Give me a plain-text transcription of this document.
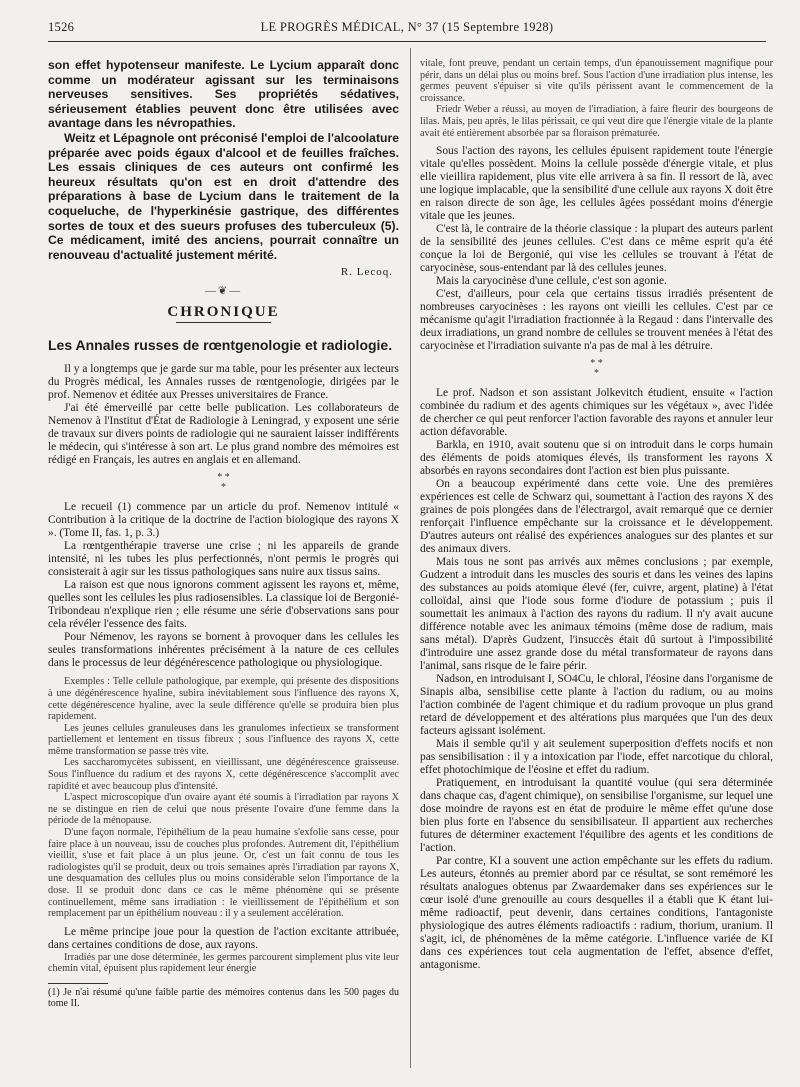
1526	LE PROGRÈS MÉDICAL, N° 37 (15 Septembre 1928)

son effet hypotenseur manifeste. Le Lycium apparaît donc comme un modérateur agissant sur les terminaisons nerveuses sensitives. Ses propriétés sédatives, sérieusement établies peuvent donc être utilisées avec avantage dans les névropathies.

Weitz et Lépagnole ont préconisé l'emploi de l'alcoolature préparée avec poids égaux d'alcool et de feuilles fraîches. Les essais cliniques de ces auteurs ont confirmé les heureux résultats qu'on est en droit d'attendre des préparations à base de Lycium dans le traitement de la coqueluche, de l'hyperkinésie gastrique, des différentes sortes de toux et des sueurs profuses des tuberculeux (5). Ce médicament, imité des anciens, pourrait connaître un renouveau d'actualité justement mérité.

R. Lecoq.
—❦—
CHRONIQUE
Les Annales russes de rœntgenologie et radiologie.

Il y a longtemps que je garde sur ma table, pour les présenter aux lecteurs du Progrès médical, les Annales russes de rœntgenologie, dirigées par le prof. Nemenov et éditée aux Presses universitaires de France.

J'ai été émerveillé par cette belle publication. Les collaborateurs de Nemenov à l'Institut d'État de Radiologie à Leningrad, y exposent une série de travaux sur divers points de radiologie qui ne sauraient laisser indifférents le médecin, qui s'intéresse à son art. Le plus grand nombre des mémoires est rédigé en Français, les autres en anglais et en allemand.

* *
*

Le recueil (1) commence par un article du prof. Nemenov intitulé « Contribution à la critique de la doctrine de l'action biologique des rayons X ». (Tome II, fas. 1, p. 3.)

La rœntgenthérapie traverse une crise ; ni les appareils de grande intensité, ni les tubes les plus perfectionnés, n'ont permis le progrès qui consisterait à agir sur les tissus pathologiques sans nuire aux tissus sains.

La raison est que nous ignorons comment agissent les rayons et, même, quelles sont les cellules les plus radiosensibles. La classique loi de Bergonié-Tribondeau n'explique rien ; elle résume une série d'observations sans pour cela révéler l'essence des faits.

Pour Némenov, les rayons se bornent à provoquer dans les cellules les seules transformations inhérentes précisément à la nature de ces cellules dans le processus de leur dégénérescence pathologique ou physiologique.

Exemples : Telle cellule pathologique, par exemple, qui présente des dispositions à une dégénérescence hyaline, subira inévitablement sous l'influence des rayons X, cette dégénérescence hyaline, avec la seule différence qu'elle se produira bien plus rapidement.

Les jeunes cellules granuleuses dans les granulomes infectieux se transforment partiellement et lentement en tissus fibreux ; sous l'influence des rayons X, cette même transformation se passe très vite.

Les saccharomycètes subissent, en vieillissant, une dégénérescence graisseuse. Sous l'influence du radium et des rayons X, cette dégénérescence s'accomplit avec rapidité et avec beaucoup plus d'intensité.

L'aspect microscopique d'un ovaire ayant été soumis à l'irradiation par rayons X ne se distingue en rien de celui que nous présente l'ovaire d'une femme dans la période de la ménopause.

D'une façon normale, l'épithélium de la peau humaine s'exfolie sans cesse, pour faire place à un nouveau, issu de couches plus profondes. Autrement dit, l'épithélium vieillit, s'use et fait place à un plus jeune. Or, c'est un fait connu de tous les radiologistes qu'il se produit, deux ou trois semaines après l'irradiation par rayons X, une desquamation des cellules plus ou moins considérable selon l'importance de la dose. Il se produit donc dans ce cas le même phénomène qui se présente continuellement, même sans irradiation : le vieillissement de l'épithélium et son remplacement par un épithélium nouveau : il y a seulement accélération.

Le même principe joue pour la question de l'action excitante attribuée, dans certaines conditions de dose, aux rayons.

Irradiés par une dose déterminée, les germes parcourent simplement plus vite leur chemin vital, épuisent plus rapidement leur énergie

(1) Je n'ai résumé qu'une faible partie des mémoires contenus dans les 500 pages du tome II.

vitale, font preuve, pendant un certain temps, d'un épanouissement magnifique pour périr, dans un délai plus ou moins bref. Sous l'action d'une irradiation plus intense, les germes peuvent s'épuiser si vite qu'ils périssent avant le commencement de la croissance.

Friedr Weber a réussi, au moyen de l'irradiation, à faire fleurir des bourgeons de lilas. Mais, peu après, le lilas périssait, ce qui veut dire que l'énergie vitale de la plante avait été entièrement absorbée par sa floraison prématurée.

Sous l'action des rayons, les cellules épuisent rapidement toute l'énergie vitale qu'elles possèdent. Moins la cellule possède d'énergie vitale, et plus elle vieillira rapidement, plus vite elle arrivera à sa fin. Il ressort de là, avec une logique implacable, que la sensibilité d'une cellule aux rayons X doit être en raison directe de son âge, les cellules âgées possédant moins d'énergie vitale que les jeunes.

C'est là, le contraire de la théorie classique : la plupart des auteurs parlent de la sensibilité des jeunes cellules. C'est dans ce même esprit qu'a été conçue la loi de Bergonié, qui vise les cellules se trouvant à l'état de caryocinèse, sous-entendant par là des cellules jeunes.

Mais la caryocinèse d'une cellule, c'est son agonie.

C'est, d'ailleurs, pour cela que certains tissus irradiés présentent de nombreuses caryocinèses : les rayons ont vieilli les cellules. C'est par ce mécanisme qu'agit l'irradiation fractionnée à la Regaud : dans l'intervalle des deux irradiations, un grand nombre de cellules se trouvent menées à l'état des caryocinèse et l'irradiation suivante n'a pas de mal à les détruire.

* *
*

Le prof. Nadson et son assistant Jolkevitch étudient, ensuite « l'action combinée du radium et des agents chimiques sur les végétaux », avec l'idée de chercher ce qui peut renforcer l'action favorable des rayons et annuler leur action défavorable.

Barkla, en 1910, avait soutenu que si on introduit dans le corps humain des éléments de poids atomiques élevés, ils transforment les rayons X absorbés en rayons secondaires dont l'action est bien plus puissante.

On a beaucoup expérimenté dans cette voie. Une des premières expériences est celle de Schwarz qui, soumettant à l'action des rayons X des graines de pois plongées dans de l'électrargol, avait remarqué que ce dernier renforçait l'influence empêchante sur la croissance et le développement. D'autres auteurs ont réalisé des expériences analogues sur des plantes et sur des animaux divers.

Mais tous ne sont pas arrivés aux mêmes conclusions ; par exemple, Gudzent a introduit dans les muscles des souris et dans les veines des lapins des substances au poids atomique élevé (fer, cuivre, argent, platine) à l'état colloïdal, ainsi que l'iode sous forme d'iodure de potassium ; puis il soumettait les animaux à l'action des rayons du radium. Il n'y avait aucune différence notable avec les animaux témoins (même dose de radium, mais sans métal). D'après Gudzent, l'insuccès était dû surtout à l'impossibilité d'introduire une assez grande dose du métal transformateur de rayons dans l'animal, sans risque de le faire périr.

Nadson, en introduisant I, SO4Cu, le chloral, l'éosine dans l'organisme de Sinapis alba, sensibilise cette plante à l'action du radium, ou au moins l'action combinée de l'agent chimique et du radium provoque un plus grand retard de développement et des altérations plus marquées que l'un des deux facteurs agissant isolément.

Mais il semble qu'il y ait seulement superposition d'effets nocifs et non pas sensibilisation : il y a intoxication par l'iode, effet narcotique du chloral, effet photochimique de l'éosine et effet du radium.

Pratiquement, en introduisant la quantité voulue (qui sera déterminée dans chaque cas, d'agent chimique), on sensibilise l'organisme, sur lequel une dose moindre de rayons est en état de produire le même effet qu'une dose bien plus forte en l'absence du sensibilisateur. Il appartient aux recherches futures de déterminer exactement l'équilibre des agents et les conditions de l'action.

Par contre, KI a souvent une action empêchante sur les effets du radium. Les auteurs, étonnés au premier abord par ce résultat, se sont remémoré les résultats analogues obtenus par Zwaardemaker dans ses expériences sur le cœur isolé d'une grenouille au cours desquelles il a établi que K étant lui-même radioactif, peut devenir, dans certaines conditions, l'antagoniste physiologique des autres éléments radioactifs : radium, thorium, uranium. Il s'agit, ici, de phénomènes de la même catégorie. L'influence variée de KI dans ces expériences tout cela augmentation de l'effet, absence d'effet, antagonisme.
